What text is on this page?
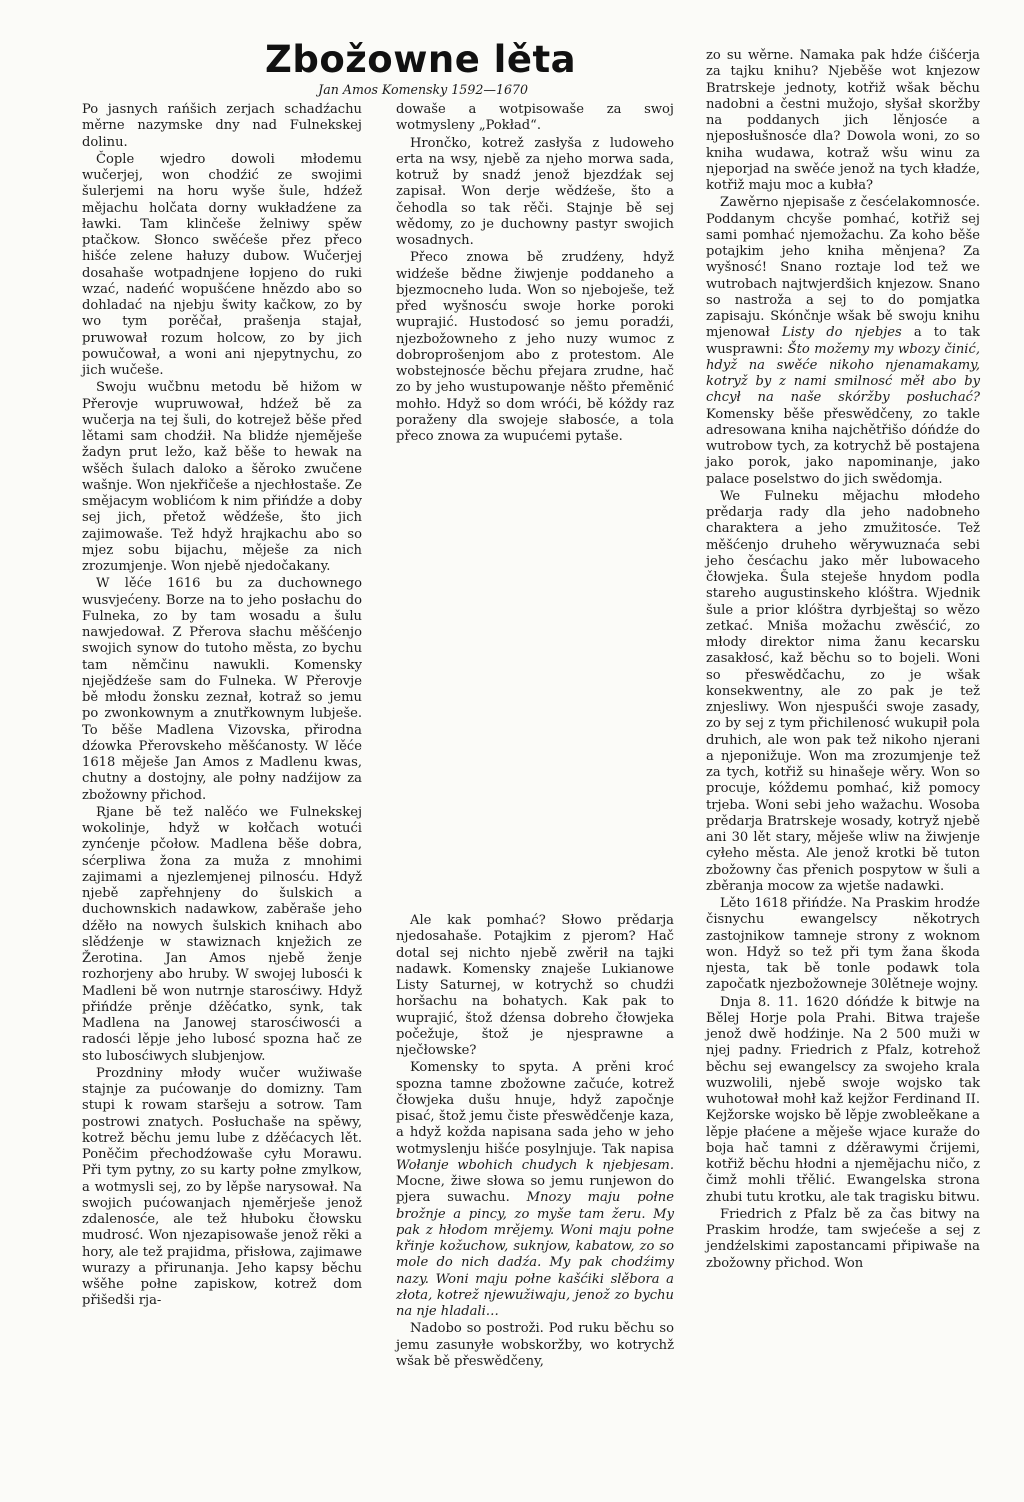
Zbožowne lěta
Jan Amos Komensky 1592—1670

Po jasnych rańšich zerjach schadźachu měrne nazymske dny nad Fulnekskej dolinu.

Čople wjedro dowoli młodemu wučerjej, won chodźić ze swojimi šulerjemi na horu wyše šule, hdźež mějachu holčata dorny wukładźene za ławki. Tam klinčeše želniwy spěw ptačkow. Słonco swěćeše přez přeco hišće zelene hałuzy dubow. Wučerjej dosahaše wotpadnjene łopjeno do ruki wzać, nadeńć wopušćene hnězdo abo so dohladać na njebju šwity kačkow, zo by wo tym porěčał, prašenja stajał, pruwował rozum holcow, zo by jich powučował, a woni ani njepytnychu, zo jich wučeše.

Swoju wučbnu metodu bě hižom w Přerovje wupruwował, hdźež bě za wučerja na tej šuli, do kotrejež běše před lětami sam chodźił. Na blidźe njeměješe žadyn prut ležo, kaž běše to hewak na wšěch šulach daloko a šěroko zwučene wašnje. Won njekřičeše a njechłostaše. Ze smějacym woblićom k nim přińdźe a doby sej jich, přetož wědźeše, što jich zajimowaše. Tež hdyž hrajkachu abo so mjez sobu bijachu, měješe za nich zrozumjenje. Won njebě njedočakany.

W lěće 1616 bu za duchownego wusvjećeny. Borze na to jeho posłachu do Fulneka, zo by tam wosadu a šulu nawjedował. Z Přerova słachu měšćenjo swojich synow do tutoho města, zo bychu tam němčinu nawukli. Komensky njejědźeše sam do Fulneka. W Přerovje bě młodu žonsku zeznał, kotraž so jemu po zwonkownym a znutřkownym lubješe. To běše Madlena Vizovska, přirodna dźowka Přerovskeho měšćanosty. W lěće 1618 měješe Jan Amos z Madlenu kwas, chutny a dostojny, ale połny nadźijow za zbožowny přichod.

Rjane bě tež nalěćo we Fulnekskej wokolinje, hdyž w kołčach wotući zynćenje pčołow. Madlena běše dobra, sćerpliwa žona za muža z mnohimi zajimami a njezlemjenej pilnosću. Hdyž njebě zapřehnjeny do šulskich a duchownskich nadawkow, zaběraše jeho dźěło na nowych šulskich knihach abo slědźenje w stawiznach knježich ze Žerotina. Jan Amos njebě ženje rozhorjeny abo hruby. W swojej lubosći k Madleni bě won nutrnje starosćiwy. Hdyž přińdźe prěnje dźěćatko, synk, tak Madlena na Janowej starosćiwosći a radosći lěpje jeho lubosć spozna hač ze sto lubosćiwych slubjenjow.

Prozdniny młody wučer wužiwaše stajnje za pućowanje do domizny. Tam stupi k rowam staršeju a sotrow. Tam postrowi znatych. Posłuchaše na spěwy, kotrež běchu jemu lube z dźěćacych lět. Poněčim přechodźowaše cyłu Morawu. Při tym pytny, zo su karty połne zmylkow, a wotmysli sej, zo by lěpše narysował. Na swojich pućowanjach njeměrješe jenož zdalenosće, ale tež hłuboku čłowsku mudrosć. Won njezapisowaše jenož rěki a hory, ale tež prajidma, přisłowa, zajimawe wurazy a přirunanja. Jeho kapsy běchu wšěhe połne zapiskow, kotrež dom přišedši rja-

dowaše a wotpisowaše za swoj wotmysleny „Pokład“.

Hrončko, kotrež zasłyša z ludoweho erta na wsy, njebě za njeho morwa sada, kotruž by snadź jenož bjezdźak sej zapisał. Won derje wědźeše, što a čehodla so tak rěči. Stajnje bě sej wědomy, zo je duchowny pastyr swojich wosadnych.

Přeco znowa bě zrudźeny, hdyž widźeše bědne žiwjenje poddaneho a bjezmocneho luda. Won so njeboješe, tež před wyšnosću swoje horke poroki wuprajić. Hustodosć so jemu poradźi, njezbožowneho z jeho nuzy wumoc z dobroprošenjom abo z protestom. Ale wobstejnosće běchu přejara zrudne, hač zo by jeho wustupowanje něšto přeměnić mohło. Hdyž so dom wróći, bě kóždy raz poraženy dla swojeje słabosće, a tola přeco znowa za wupućemi pytaše.

Ale kak pomhać? Słowo prědarja njedosahaše. Potajkim z pjerom? Hač dotal sej nichto njebě zwěrił na tajki nadawk. Komensky znaješe Lukianowe Listy Saturnej, w kotrychž so chudźi horšachu na bohatych. Kak pak to wuprajić, štož dźensa dobreho čłowjeka počežuje, štož je njesprawne a nječłowske?

Komensky to spyta. A prěni kroć spozna tamne zbožowne začuće, kotrež čłowjeka dušu hnuje, hdyž započnje pisać, štož jemu čiste přeswědčenje kaza, a hdyž kožda napisana sada jeho w jeho wotmyslenju hišće posylnjuje. Tak napisa Wołanje wbohich chudych k njebjesam. Mocne, žiwe słowa so jemu runjewon do pjera suwachu. Mnozy maju połne brožnje a pincy, zo myše tam žeru. My pak z hłodom mrějemy. Woni maju połne křinje kožuchow, suknjow, kabatow, zo so mole do nich dadźa. My pak chodźimy nazy. Woni maju połne kašćiki slěbora a złota, kotrež njewužiwaju, jenož zo bychu na nje hladali…

Nadobo so postroži. Pod ruku běchu so jemu zasunyłe wobskoržby, wo kotrychž wšak bě přeswědčeny,

zo su wěrne. Namaka pak hdźe ćišćerja za tajku knihu? Njeběše wot knjezow Bratrskeje jednoty, kotřiž wšak běchu nadobni a čestni mužojo, słyšał skoržby na poddanych jich lěnjosće a njeposłušnosće dla? Dowola woni, zo so kniha wudawa, kotraž wšu winu za njeporjad na swěće jenož na tych kładźe, kotřiž maju moc a kubła?

Zawěrno njepisaše z česćelakomnosće. Poddanym chcyše pomhać, kotřiž sej sami pomhać njemožachu. Za koho běše potajkim jeho kniha měnjena? Za wyšnosć! Snano roztaje lod tež we wutrobach najtwjerdšich knjezow. Snano so nastroža a sej to do pomjatka zapisaju. Skónčnje wšak bě swoju knihu mjenował Listy do njebjes a to tak wusprawni: Što možemy my wbozy činić, hdyž na swěće nikoho njenamakamy, kotryž by z nami smilnosć měł abo by chcył na naše skóržby posłuchać? Komensky běše přeswědčeny, zo takle adresowana kniha najchětřišo dóńdźe do wutrobow tych, za kotrychž bě postajena jako porok, jako napominanje, jako palace poselstwo do jich swědomja.

We Fulneku mějachu młodeho prědarja rady dla jeho nadobneho charaktera a jeho zmužitosće. Tež měšćenjo druheho wěrywuznaća sebi jeho česćachu jako měr lubowaceho čłowjeka. Šula steješe hnydom podla stareho augustinskeho klóštra. Wjednik šule a prior klóštra dyrbještaj so wězo zetkać. Mniša možachu zwěsćić, zo młody direktor nima žanu kecarsku zasakłosć, kaž běchu so to bojeli. Woni so přeswědčachu, zo je wšak konsekwentny, ale zo pak je tež znjesliwy. Won njespušći swoje zasady, zo by sej z tym přichilenosć wukupił pola druhich, ale won pak tež nikoho njerani a njeponižuje. Won ma zrozumjenje tež za tych, kotřiž su hinašeje wěry. Won so procuje, kóždemu pomhać, kiž pomocy trjeba. Woni sebi jeho wažachu. Wosoba prědarja Bratrskeje wosady, kotryž njebě ani 30 lět stary, měješe wliw na žiwjenje cyłeho města. Ale jenož krotki bě tuton zbožowny čas přenich pospytow w šuli a zběranja mocow za wjetše nadawki.

Lěto 1618 přińdźe. Na Praskim hrodźe čisnychu ewangelscy někotrych zastojnikow tamneje strony z woknom won. Hdyž so tež při tym žana škoda njesta, tak bě tonle podawk tola započatk njezbožowneje 30lětneje wojny.

Dnja 8. 11. 1620 dóńdźe k bitwje na Bělej Horje pola Prahi. Bitwa traješe jenož dwě hodźinje. Na 2 500 muži w njej padny. Friedrich z Pfalz, kotrehož běchu sej ewangelscy za swojeho krala wuzwolili, njebě swoje wojsko tak wuhotował mohł kaž kejžor Ferdinand II. Kejžorske wojsko bě lěpje zwobleěkane a lěpje płaćene a měješe wjace kuraže do boja hač tamni z dźěrawymi črijemi, kotřiž běchu hłodni a njemějachu ničo, z čimž mohli třělić. Ewangelska strona zhubi tutu krotku, ale tak tragisku bitwu.

Friedrich z Pfalz bě za čas bitwy na Praskim hrodźe, tam swjećeše a sej z jendźelskimi zapostancami připiwaše na zbožowny přichod. Won
